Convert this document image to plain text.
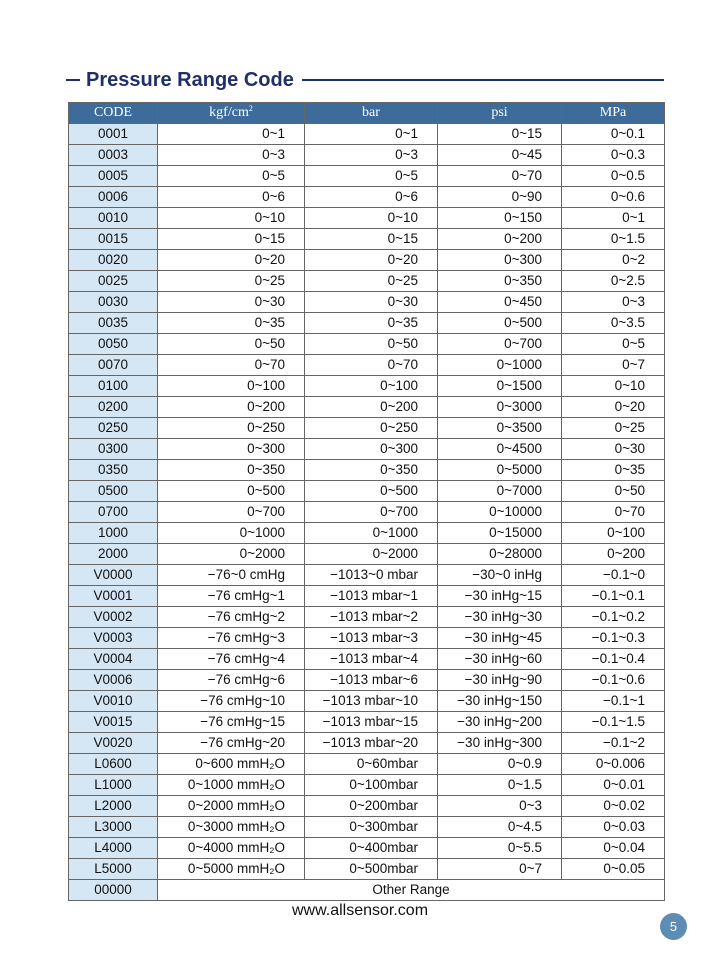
Pressure Range Code
CODE	kgf/$cm^2$	bar	psi	MPa
0001	0~1	0~1	0~15	0~0.1
0003	0~3	0~3	0~45	0~0.3
0005	0~5	0~5	0~70	0~0.5
0006	0~6	0~6	0~90	0~0.6
0010	0~10	0~10	0~150	0~1
0015	0~15	0~15	0~200	0~1.5
0020	0~20	0~20	0~300	0~2
0025	0~25	0~25	0~350	0~2.5
0030	0~30	0~30	0~450	0~3
0035	0~35	0~35	0~500	0~3.5
0050	0~50	0~50	0~700	0~5
0070	0~70	0~70	0~1000	0~7
0100	0~100	0~100	0~1500	0~10
0200	0~200	0~200	0~3000	0~20
0250	0~250	0~250	0~3500	0~25
0300	0~300	0~300	0~4500	0~30
0350	0~350	0~350	0~5000	0~35
0500	0~500	0~500	0~7000	0~50
0700	0~700	0~700	0~10000	0~70
1000	0~1000	0~1000	0~15000	0~100
2000	0~2000	0~2000	0~28000	0~200
V0000	−76~0 cmHg	−1013~0 mbar	−30~0 inHg	−0.1~0
V0001	−76 cmHg~1	−1013 mbar~1	−30 inHg~15	−0.1~0.1
V0002	−76 cmHg~2	−1013 mbar~2	−30 inHg~30	−0.1~0.2
V0003	−76 cmHg~3	−1013 mbar~3	−30 inHg~45	−0.1~0.3
V0004	−76 cmHg~4	−1013 mbar~4	−30 inHg~60	−0.1~0.4
V0006	−76 cmHg~6	−1013 mbar~6	−30 inHg~90	−0.1~0.6
V0010	−76 cmHg~10	−1013 mbar~10	−30 inHg~150	−0.1~1
V0015	−76 cmHg~15	−1013 mbar~15	−30 inHg~200	−0.1~1.5
V0020	−76 cmHg~20	−1013 mbar~20	−30 inHg~300	−0.1~2
L0600	0~600 mmH₂O	0~60mbar	0~0.9	0~0.006
L1000	0~1000 mmH₂O	0~100mbar	0~1.5	0~0.01
L2000	0~2000 mmH₂O	0~200mbar	0~3	0~0.02
L3000	0~3000 mmH₂O	0~300mbar	0~4.5	0~0.03
L4000	0~4000 mmH₂O	0~400mbar	0~5.5	0~0.04
L5000	0~5000 mmH₂O	0~500mbar	0~7	0~0.05
00000	Other Range			
www.allsensor.com
5
